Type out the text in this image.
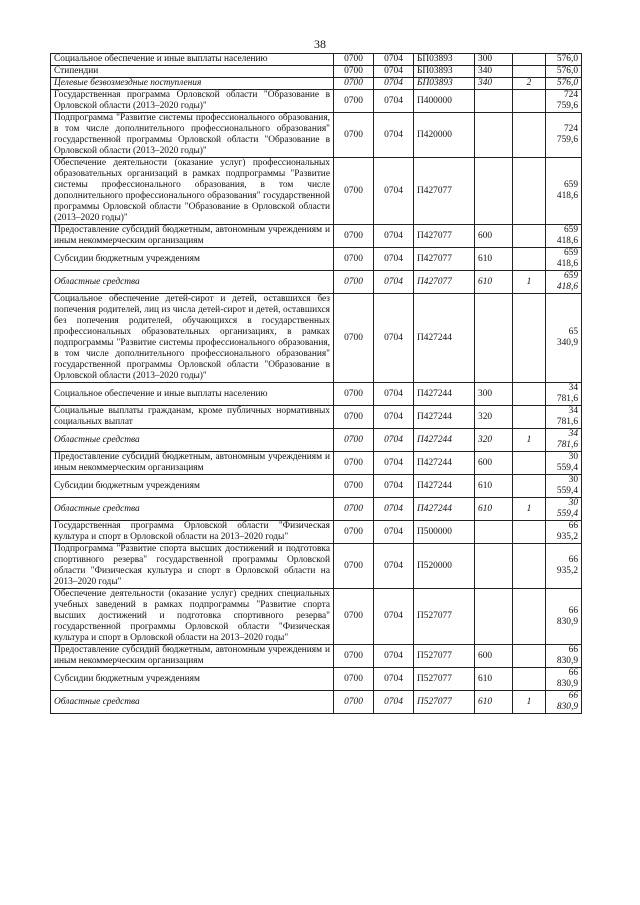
38
Социальное обеспечение и иные выплаты населению	0700	0704	БП03893	300		576,0
Стипендии	0700	0704	БП03893	340		576,0
Целевые безвозмездные поступления	0700	0704	БП03893	340	2	576,0
Государственная программа Орловской области "Образование в Орловской области (2013–2020 годы)"	0700	0704	П400000			724 759,6
Подпрограмма "Развитие системы профессионального образования, в том числе дополнительного профессионального образования" государственной программы Орловской области "Образование в Орловской области (2013–2020 годы)"	0700	0704	П420000			724 759,6
Обеспечение деятельности (оказание услуг) профессиональных образовательных организаций в рамках подпрограммы "Развитие системы профессионального образования, в том числе дополнительного профессионального образования" государственной программы Орловской области "Образование в Орловской области (2013–2020 годы)"	0700	0704	П427077			659 418,6
Предоставление субсидий бюджетным, автономным учреждениям и иным некоммерческим организациям	0700	0704	П427077	600		659 418,6
Субсидии бюджетным учреждениям	0700	0704	П427077	610		659 418,6
Областные средства	0700	0704	П427077	610	1	659 418,6
Социальное обеспечение детей-сирот и детей, оставшихся без попечения родителей, лиц из числа детей-сирот и детей, оставшихся без попечения родителей, обучающихся в государственных профессиональных образовательных организациях, в рамках подпрограммы "Развитие системы профессионального образования, в том числе дополнительного профессионального образования" государственной программы Орловской области "Образование в Орловской области (2013–2020 годы)"	0700	0704	П427244			65 340,9
Социальное обеспечение и иные выплаты населению	0700	0704	П427244	300		34 781,6
Социальные выплаты гражданам, кроме публичных нормативных социальных выплат	0700	0704	П427244	320		34 781,6
Областные средства	0700	0704	П427244	320	1	34 781,6
Предоставление субсидий бюджетным, автономным учреждениям и иным некоммерческим организациям	0700	0704	П427244	600		30 559,4
Субсидии бюджетным учреждениям	0700	0704	П427244	610		30 559,4
Областные средства	0700	0704	П427244	610	1	30 559,4
Государственная программа Орловской области "Физическая культура и спорт в Орловской области на 2013–2020 годы"	0700	0704	П500000			66 935,2
Подпрограмма "Развитие спорта высших достижений и подготовка спортивного резерва" государственной программы Орловской области "Физическая культура и спорт в Орловской области на 2013–2020 годы"	0700	0704	П520000			66 935,2
Обеспечение деятельности (оказание услуг) средних специальных учебных заведений в рамках подпрограммы "Развитие спорта высших достижений и подготовка спортивного резерва" государственной программы Орловской области "Физическая культура и спорт в Орловской области на 2013–2020 годы"	0700	0704	П527077			66 830,9
Предоставление субсидий бюджетным, автономным учреждениям и иным некоммерческим организациям	0700	0704	П527077	600		66 830,9
Субсидии бюджетным учреждениям	0700	0704	П527077	610		66 830,9
Областные средства	0700	0704	П527077	610	1	66 830,9
